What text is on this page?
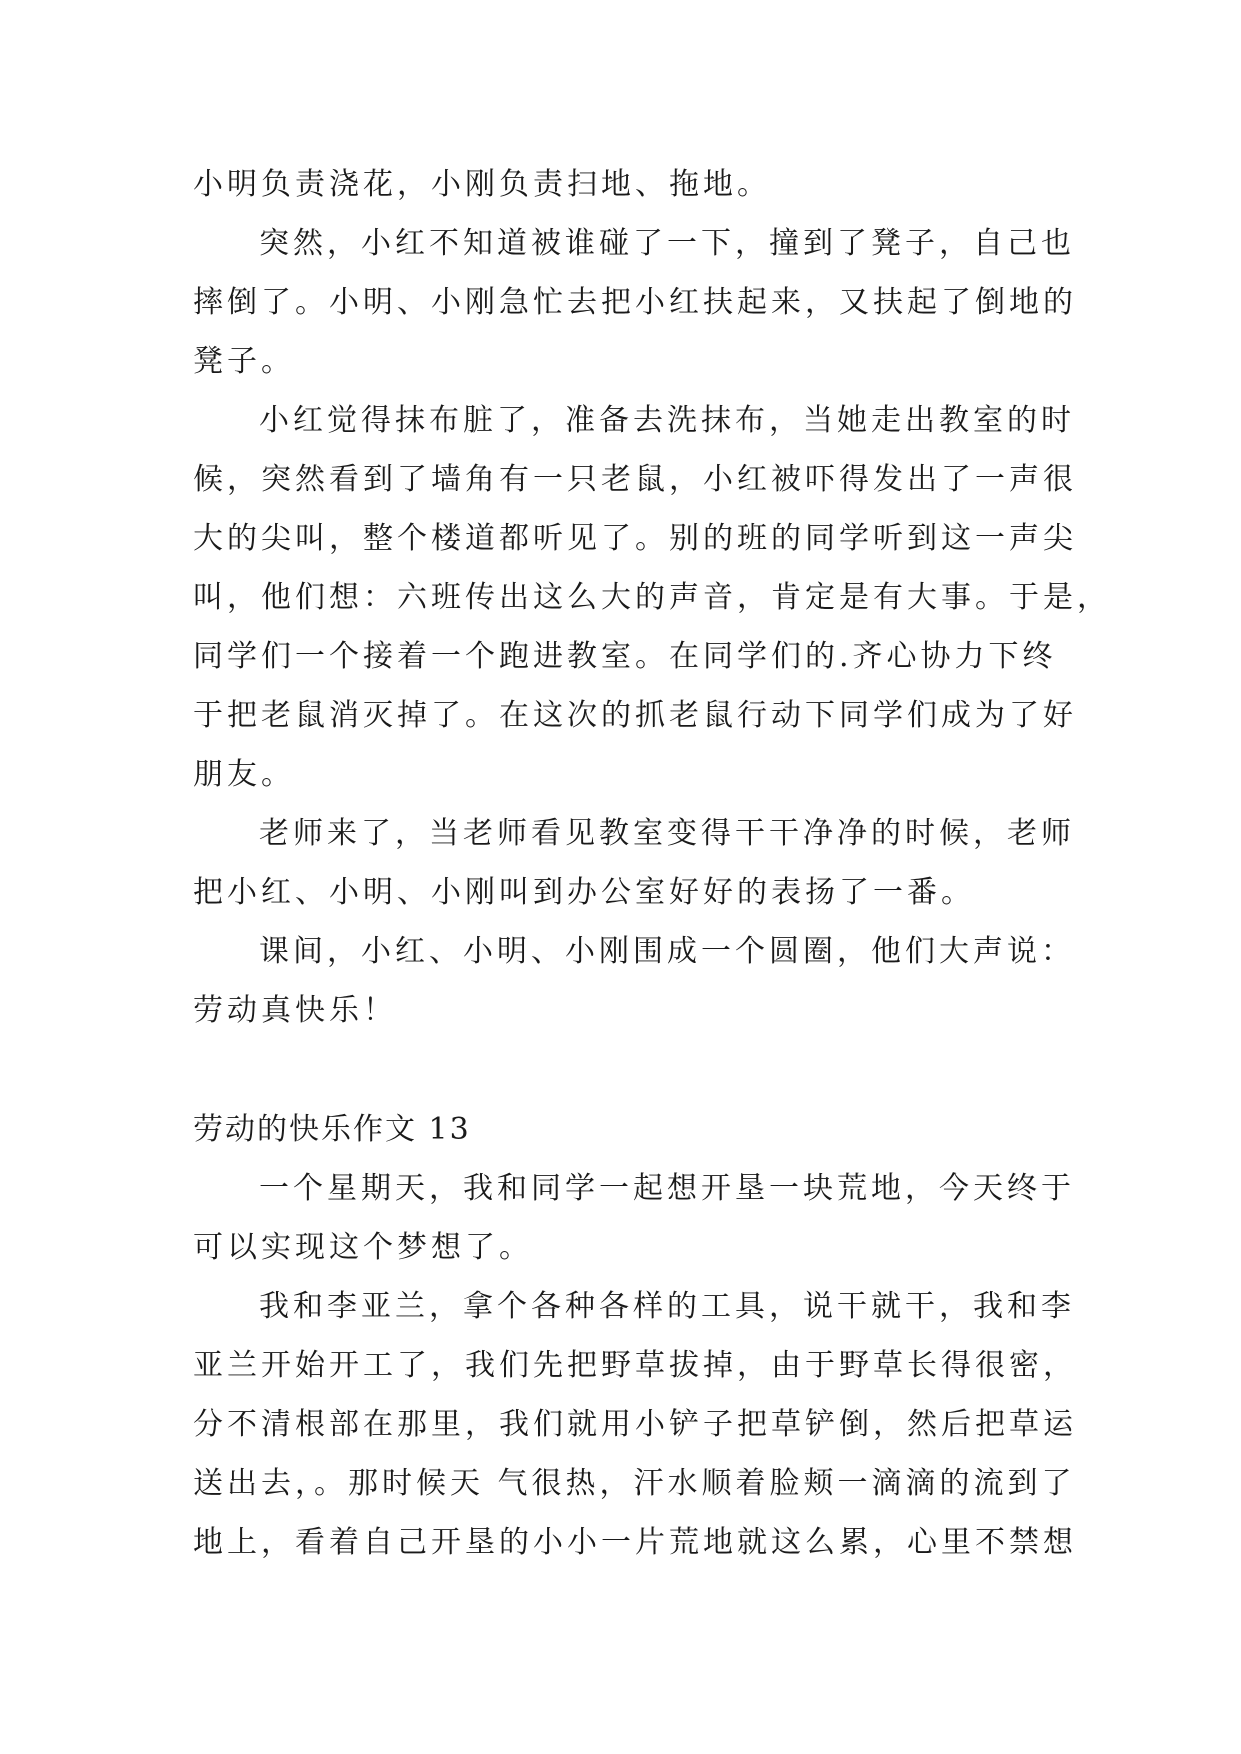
小明负责浇花，小刚负责扫地、拖地。
突然，小红不知道被谁碰了一下，撞到了凳子，自己也
摔倒了。小明、小刚急忙去把小红扶起来，又扶起了倒地的
凳子。
小红觉得抹布脏了，准备去洗抹布，当她走出教室的时
候，突然看到了墙角有一只老鼠，小红被吓得发出了一声很
大的尖叫，整个楼道都听见了。别的班的同学听到这一声尖
叫，他们想：六班传出这么大的声音，肯定是有大事。于是，
同学们一个接着一个跑进教室。在同学们的.齐心协力下终
于把老鼠消灭掉了。在这次的抓老鼠行动下同学们成为了好
朋友。
老师来了，当老师看见教室变得干干净净的时候，老师
把小红、小明、小刚叫到办公室好好的表扬了一番。
课间，小红、小明、小刚围成一个圆圈，他们大声说：
劳动真快乐！
劳动的快乐作文 13
一个星期天，我和同学一起想开垦一块荒地，今天终于
可以实现这个梦想了。
我和李亚兰，拿个各种各样的工具，说干就干，我和李
亚兰开始开工了，我们先把野草拔掉，由于野草长得很密，
分不清根部在那里，我们就用小铲子把草铲倒，然后把草运
送出去，。那时候天 气很热，汗水顺着脸颊一滴滴的流到了
地上，看着自己开垦的小小一片荒地就这么累，心里不禁想
